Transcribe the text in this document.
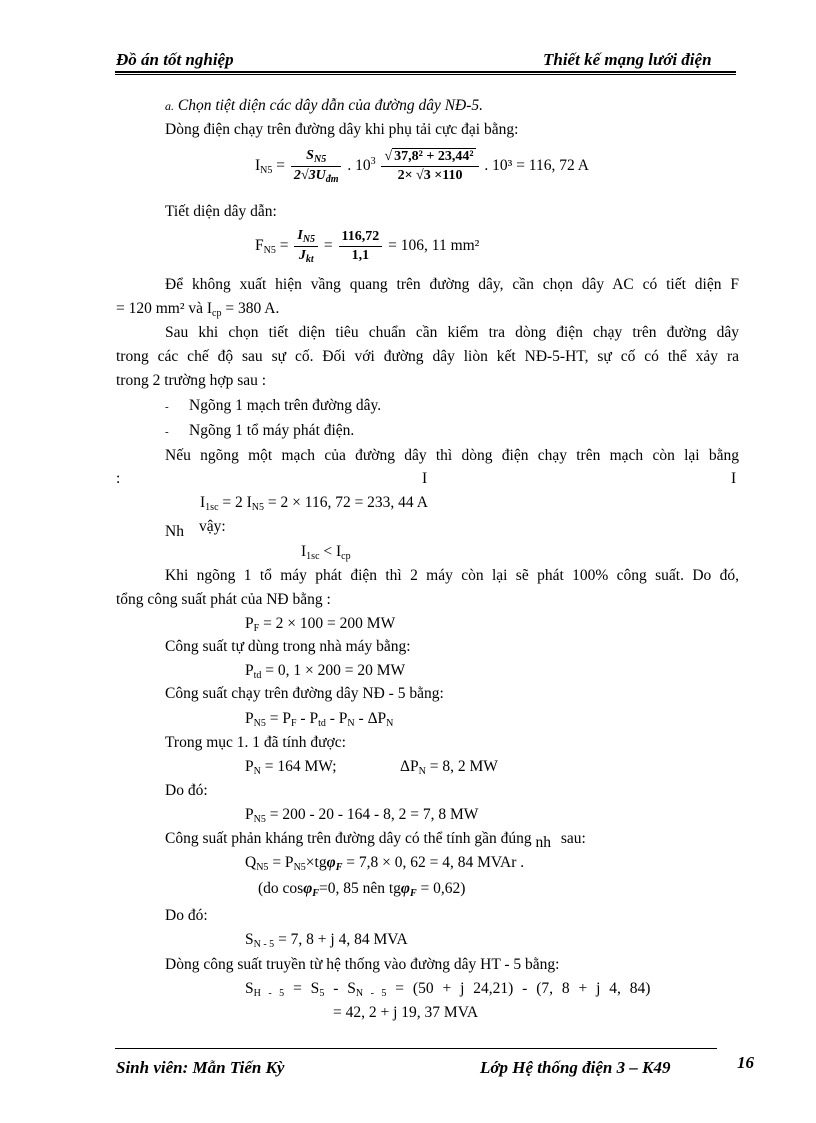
Đồ án tốt nghiệp	Thiết kế mạng lưới điện
a. Chọn tiệt diện các dây dẫn của đường dây NĐ-5.
Dòng điện chạy trên đường dây khi phụ tải cực đại bằng:
$I_{N5} = \frac{S_{N5}}{2√3U_{đm}}$ . $10^3 \frac{\text{√ 37,8² + 23,44²}}{2\times √3 \times 110}$ . 10³ = 116, 72 A
Tiết diện dây dẫn:
$F_{N5} = \frac{I_{N5}}{J_{kt}} = \frac{116,72}{1,1} = 106$, 11 mm²
Để không xuất hiện vầng quang trên đường dây, cần chọn dây AC có tiết diện F
= 120 mm² và $I_{cp} = 380$ A.
Sau khi chọn tiết diện tiêu chuẩn cần kiểm tra dòng điện chạy trên đường dây
trong các chế độ sau sự cố. Đối với đường dây liòn kết NĐ-5-HT, sự cố có thể xảy ra
trong 2 trường hợp sau :
- Ngõng 1 mạch trên đường dây.
- Ngõng 1 tổ máy phát điện.
Nếu ngõng một mạch của đường dây thì dòng điện chạy trên mạch còn lại bằng
:	I	I
$I_{1sc} = 2$ $I_{N5} = 2 \times 116$, 72 = 233, 44 A
Nh vậy:
$I_{1sc} < I_{cp}$
Khi ngõng 1 tổ máy phát điện thì 2 máy còn lại sẽ phát 100% công suất. Do đó,
tổng công suất phát của NĐ bằng :
$P_F = 2 \times 100 = 200$ MW
Công suất tự dùng trong nhà máy bằng:
$P_{td} = 0$, 1 × 200 = 20 MW
Công suất chạy trên đường dây NĐ - 5 bằng:
$P_{N5} = P_F - P_{td} - P_N - \Delta P_N$
Trong mục 1. 1 đã tính được:
$P_N = 164$ MW;	$\Delta P_N = 8$, 2 MW
Do đó:
$P_{N5} = 200 - 20 - 164 - 8$, 2 = 7, 8 MW
Công suất phản kháng trên đường dây có thể tính gần đúng nh sau:
$Q_{N5} = P_{N5}\times tg\varphi_F = 7,8 \times 0$, 62 = 4, 84 MVAr .
(do cosφ$_F$=0, 85 nên tgφ$_F$ = 0,62)
Do đó:
$S_{N - 5} = 7$, 8 + j 4, 84 MVA
Dòng công suất truyền từ hệ thống vào đường dây HT - 5 bằng:
$S_{H - 5} = S_5 - S_{N - 5} = (50 + j$ 24,21) - (7, 8 + j 4, 84)
= 42, 2 + j 19, 37 MVA
Sinh viên: Mẫn Tiến Kỳ	Lớp Hệ thống điện 3 – K49	16
